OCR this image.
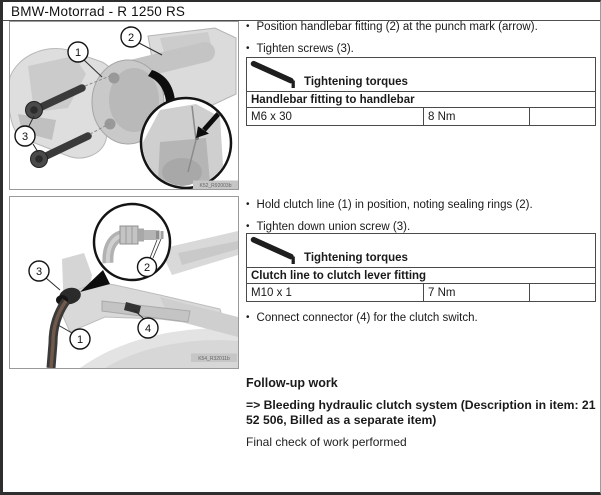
BMW-Motorrad - R 1250 RS
1
2
3
K52_R92003b
2
3
1
4
K54_R32011b
• Position handlebar fitting (2) at the punch mark (arrow).
• Tighten screws (3).
Tightening torques
Handlebar fitting to handlebar
M6 x 30	8 Nm
• Hold clutch line (1) in position, noting sealing rings (2).
• Tighten down union screw (3).
Tightening torques
Clutch line to clutch lever fitting
M10 x 1	7 Nm
• Connect connector (4) for the clutch switch.
Follow-up work
=> Bleeding hydraulic clutch system (Description in item: 21 52 506, Billed as a separate item)
Final check of work performed
